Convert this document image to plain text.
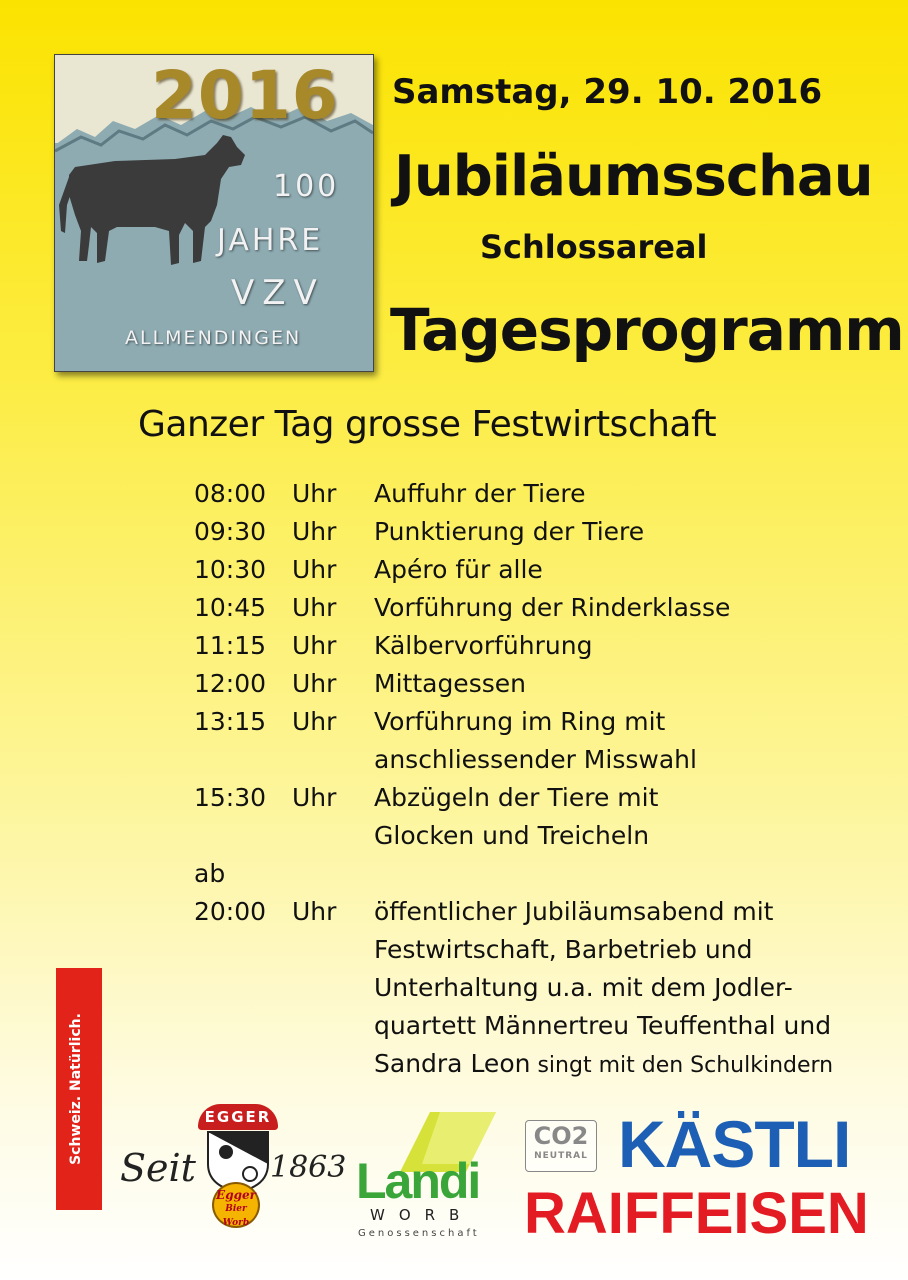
2016
100
JAHRE
VZV
ALLMENDINGEN
Samstag, 29. 10. 2016
Jubiläumsschau
Schlossareal
Tagesprogramm
Ganzer Tag grosse Festwirtschaft
08:00	Uhr	Auffuhr der Tiere
09:30	Uhr	Punktierung der Tiere
10:30	Uhr	Apéro für alle
10:45	Uhr	Vorführung der Rinderklasse
11:15	Uhr	Kälbervorführung
12:00	Uhr	Mittagessen
13:15	Uhr	Vorführung im Ring mit
anschliessender Misswahl
15:30	Uhr	Abzügeln der Tiere mit
Glocken und Treicheln
ab
20:00	Uhr	öffentlicher Jubiläumsabend mit
Festwirtschaft, Barbetrieb und
Unterhaltung u.a. mit dem Jodler-
quartett Männertreu Teuffenthal und
Sandra Leon singt mit den Schulkindern
Schweiz. Natürlich.
Seit 1863
EGGER
Egger
Bier
Worb
Landi
WORB
Genossenschaft
CO2
NEUTRAL KÄSTLI
RAIFFEISEN
